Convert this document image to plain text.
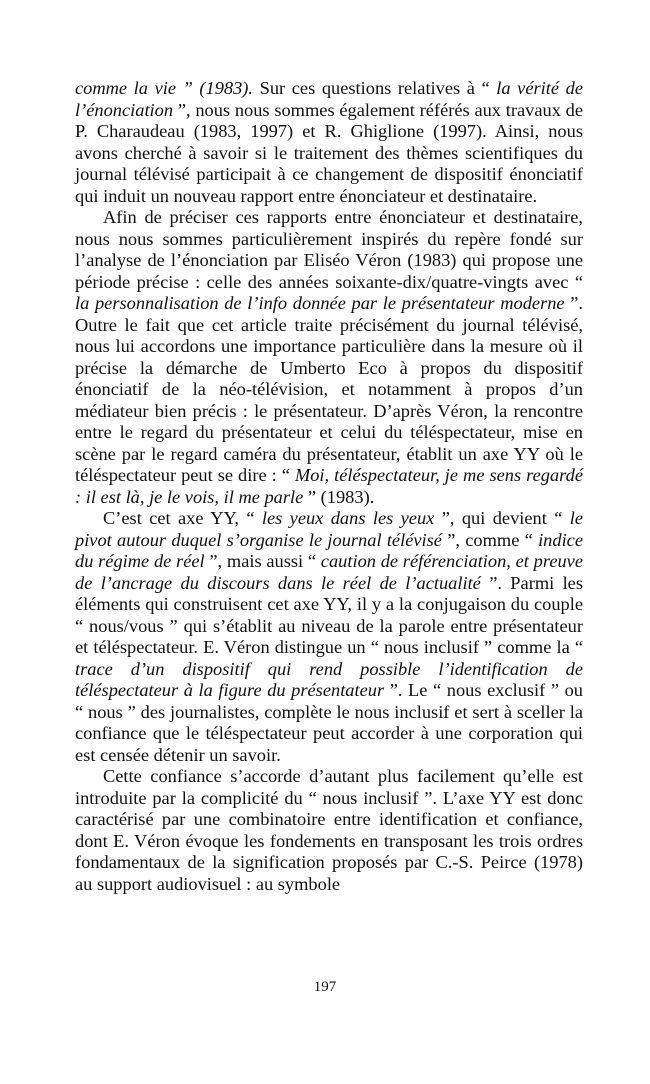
comme la vie ” (1983). Sur ces questions relatives à “ la vérité de l’énonciation ”, nous nous sommes également référés aux travaux de P. Charaudeau (1983, 1997) et R. Ghiglione (1997). Ainsi, nous avons cherché à savoir si le traitement des thèmes scientifiques du journal télévisé participait à ce changement de dispositif énonciatif qui induit un nouveau rapport entre énonciateur et destinataire.

Afin de préciser ces rapports entre énonciateur et destinataire, nous nous sommes particulièrement inspirés du repère fondé sur l’analyse de l’énonciation par Eliséo Véron (1983) qui propose une période précise : celle des années soixante-dix/quatre-vingts avec “ la personnalisation de l’info donnée par le présentateur moderne ”. Outre le fait que cet article traite précisément du journal télévisé, nous lui accordons une importance particulière dans la mesure où il précise la démarche de Umberto Eco à propos du dispositif énonciatif de la néo-télévision, et notamment à propos d’un médiateur bien précis : le présentateur. D’après Véron, la rencontre entre le regard du présentateur et celui du téléspectateur, mise en scène par le regard caméra du présentateur, établit un axe YY où le téléspectateur peut se dire : “ Moi, téléspectateur, je me sens regardé : il est là, je le vois, il me parle ” (1983).

C’est cet axe YY, “ les yeux dans les yeux ”, qui devient “ le pivot autour duquel s’organise le journal télévisé ”, comme “ indice du régime de réel ”, mais aussi “ caution de référenciation, et preuve de l’ancrage du discours dans le réel de l’actualité ”. Parmi les éléments qui construisent cet axe YY, il y a la conjugaison du couple “ nous/vous ” qui s’établit au niveau de la parole entre présentateur et téléspectateur. E. Véron distingue un “ nous inclusif ” comme la “ trace d’un dispositif qui rend possible l’identification de téléspectateur à la figure du présentateur ”. Le “ nous exclusif ” ou “ nous ” des journalistes, complète le nous inclusif et sert à sceller la confiance que le téléspectateur peut accorder à une corporation qui est censée détenir un savoir.

Cette confiance s’accorde d’autant plus facilement qu’elle est introduite par la complicité du “ nous inclusif ”. L’axe YY est donc caractérisé par une combinatoire entre identification et confiance, dont E. Véron évoque les fondements en transposant les trois ordres fondamentaux de la signification proposés par C.-S. Peirce (1978) au support audiovisuel : au symbole

197
